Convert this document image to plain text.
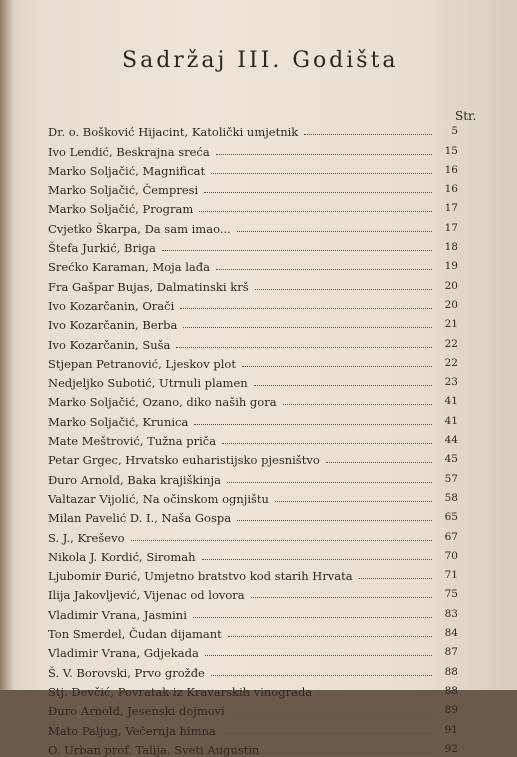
Sadržaj III. Godišta
Str.
Dr. o. Bošković Hijacint, Katolički umjetnik	5
Ivo Lendić, Beskrajna sreća	15
Marko Soljačić, Magnificat	16
Marko Soljačić, Čempresi	16
Marko Soljačić, Program	17
Cvjetko Škarpa, Da sam imao...	17
Štefa Jurkić, Briga	18
Srećko Karaman, Moja lađa	19
Fra Gašpar Bujas, Dalmatinski krš	20
Ivo Kozarčanin, Orači	20
Ivo Kozarčanin, Berba	21
Ivo Kozarčanin, Suša	22
Stjepan Petranović, Ljeskov plot	22
Nedjeljko Subotić, Utrnuli plamen	23
Marko Soljačić, Ozano, diko naših gora	41
Marko Soljačić, Krunica	41
Mate Meštrović, Tužna priča	44
Petar Grgec, Hrvatsko euharistijsko pjesništvo	45
Đuro Arnold, Baka krajiškinja	57
Valtazar Vijolić, Na očinskom ognjištu	58
Milan Pavelić D. I., Naša Gospa	65
S. J., Kreševo	67
Nikola J. Kordić, Siromah	70
Ljubomir Đurić, Umjetno bratstvo kod starih Hrvata	71
Ilija Jakovljević, Vijenac od lovora	75
Vladimir Vrana, Jasmini	83
Ton Smerdel, Čudan dijamant	84
Vladimir Vrana, Gdjekada	87
Š. V. Borovski, Prvo grožđe	88
Stj. Devčić, Povratak iz Kravarskih vinograda	88
Đuro Arnold, Jesenski dojmovi	89
Mato Paljug, Večernja himna	91
O. Urban prof. Talija, Sveti Augustin	92
